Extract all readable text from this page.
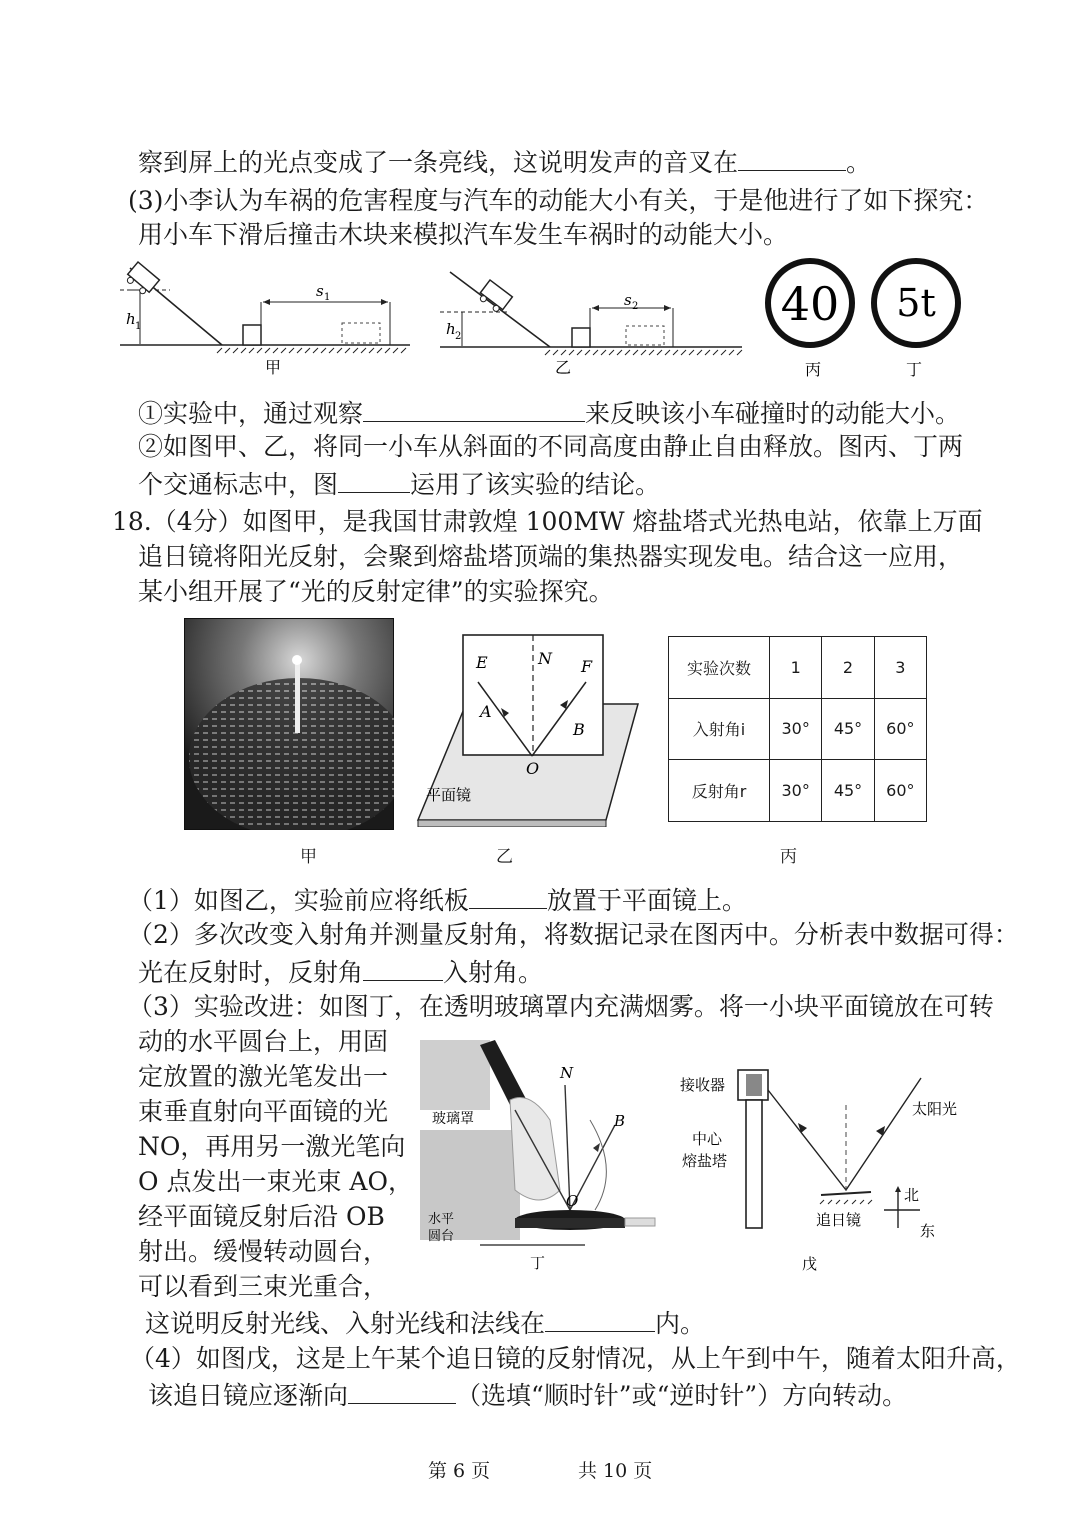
察到屏上的光点变成了一条亮线，这说明发声的音叉在	。
(3)小李认为车祸的危害程度与汽车的动能大小有关，于是他进行了如下探究：
用小车下滑后撞击木块来模拟汽车发生车祸时的动能大小。
h 1
s 1
甲
h 2
s 2
乙
40
丙
5t
丁
①实验中，通过观察	来反映该小车碰撞时的动能大小。
②如图甲、乙，将同一小车从斜面的不同高度由静止自由释放。图丙、丁两
个交通标志中，图	运用了该实验的结论。
18.（4分）如图甲，是我国甘肃敦煌 100MW 熔盐塔式光热电站，依靠上万面
追日镜将阳光反射，会聚到熔盐塔顶端的集热器实现发电。结合这一应用，
某小组开展了“光的反射定律”的实验探究。
E	N F
A
B
O
平面镜
实验次数	1	2	3
入射角i	30°	45°	60°
反射角r	30°	45°	60°
甲	乙	丙
（1）如图乙，实验前应将纸板	放置于平面镜上。
（2）多次改变入射角并测量反射角，将数据记录在图丙中。分析表中数据可得：
光在反射时，反射角	入射角。
（3）实验改进：如图丁，在透明玻璃罩内充满烟雾。将一小块平面镜放在可转
动的水平圆台上，用固
定放置的激光笔发出一
束垂直射向平面镜的光
NO，再用另一激光笔向
O 点发出一束光束 AO，
经平面镜反射后沿 OB
射出。缓慢转动圆台，
可以看到三束光重合，
N
B
O
玻璃罩
水平
圆台
丁
接收器
中心
熔盐塔
太阳光
追日镜
北
东
戊
这说明反射光线、入射光线和法线在	内。
（4）如图戊，这是上午某个追日镜的反射情况，从上午到中午，随着太阳升高，
该追日镜应逐渐向	（选填“顺时针”或“逆时针”）方向转动。
第 6 页	共 10 页
